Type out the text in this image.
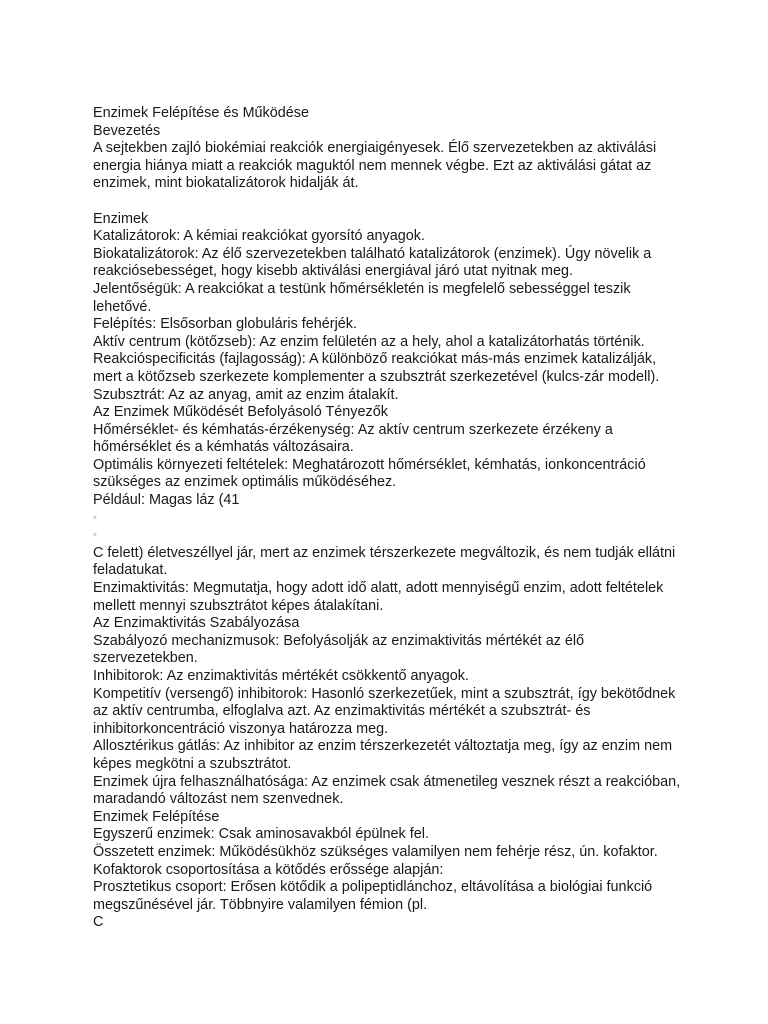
Enzimek Felépítése és Működése
Bevezetés
A sejtekben zajló biokémiai reakciók energiaigényesek. Élő szervezetekben az aktiválási
energia hiánya miatt a reakciók maguktól nem mennek végbe. Ezt az aktiválási gátat az
enzimek, mint biokatalizátorok hidalják át.
Enzimek
Katalizátorok: A kémiai reakciókat gyorsító anyagok.
Biokatalizátorok: Az élő szervezetekben található katalizátorok (enzimek). Úgy növelik a
reakciósebességet, hogy kisebb aktiválási energiával járó utat nyitnak meg.
Jelentőségük: A reakciókat a testünk hőmérsékletén is megfelelő sebességgel teszik
lehetővé.
Felépítés: Elsősorban globuláris fehérjék.
Aktív centrum (kötőzseb): Az enzim felületén az a hely, ahol a katalizátorhatás történik.
Reakcióspecificitás (fajlagosság): A különböző reakciókat más-más enzimek katalizálják,
mert a kötőzseb szerkezete komplementer a szubsztrát szerkezetével (kulcs-zár modell).
Szubsztrát: Az az anyag, amit az enzim átalakít.
Az Enzimek Működését Befolyásoló Tényezők
Hőmérséklet- és kémhatás-érzékenység: Az aktív centrum szerkezete érzékeny a
hőmérséklet és a kémhatás változásaira.
Optimális környezeti feltételek: Meghatározott hőmérséklet, kémhatás, ionkoncentráció
szükséges az enzimek optimális működéséhez.
Például: Magas láz (41
◦
◦
C felett) életveszéllyel jár, mert az enzimek térszerkezete megváltozik, és nem tudják ellátni
feladatukat.
Enzimaktivitás: Megmutatja, hogy adott idő alatt, adott mennyiségű enzim, adott feltételek
mellett mennyi szubsztrátot képes átalakítani.
Az Enzimaktivitás Szabályozása
Szabályozó mechanizmusok: Befolyásolják az enzimaktivitás mértékét az élő
szervezetekben.
Inhibitorok: Az enzimaktivitás mértékét csökkentő anyagok.
Kompetitív (versengő) inhibitorok: Hasonló szerkezetűek, mint a szubsztrát, így bekötődnek
az aktív centrumba, elfoglalva azt. Az enzimaktivitás mértékét a szubsztrát- és
inhibitorkoncentráció viszonya határozza meg.
Allosztérikus gátlás: Az inhibitor az enzim térszerkezetét változtatja meg, így az enzim nem
képes megkötni a szubsztrátot.
Enzimek újra felhasználhatósága: Az enzimek csak átmenetileg vesznek részt a reakcióban,
maradandó változást nem szenvednek.
Enzimek Felépítése
Egyszerű enzimek: Csak aminosavakból épülnek fel.
Összetett enzimek: Működésükhöz szükséges valamilyen nem fehérje rész, ún. kofaktor.
Kofaktorok csoportosítása a kötődés erőssége alapján:
Prosztetikus csoport: Erősen kötődik a polipeptidlánchoz, eltávolítása a biológiai funkció
megszűnésével jár. Többnyire valamilyen fémion (pl.
C
